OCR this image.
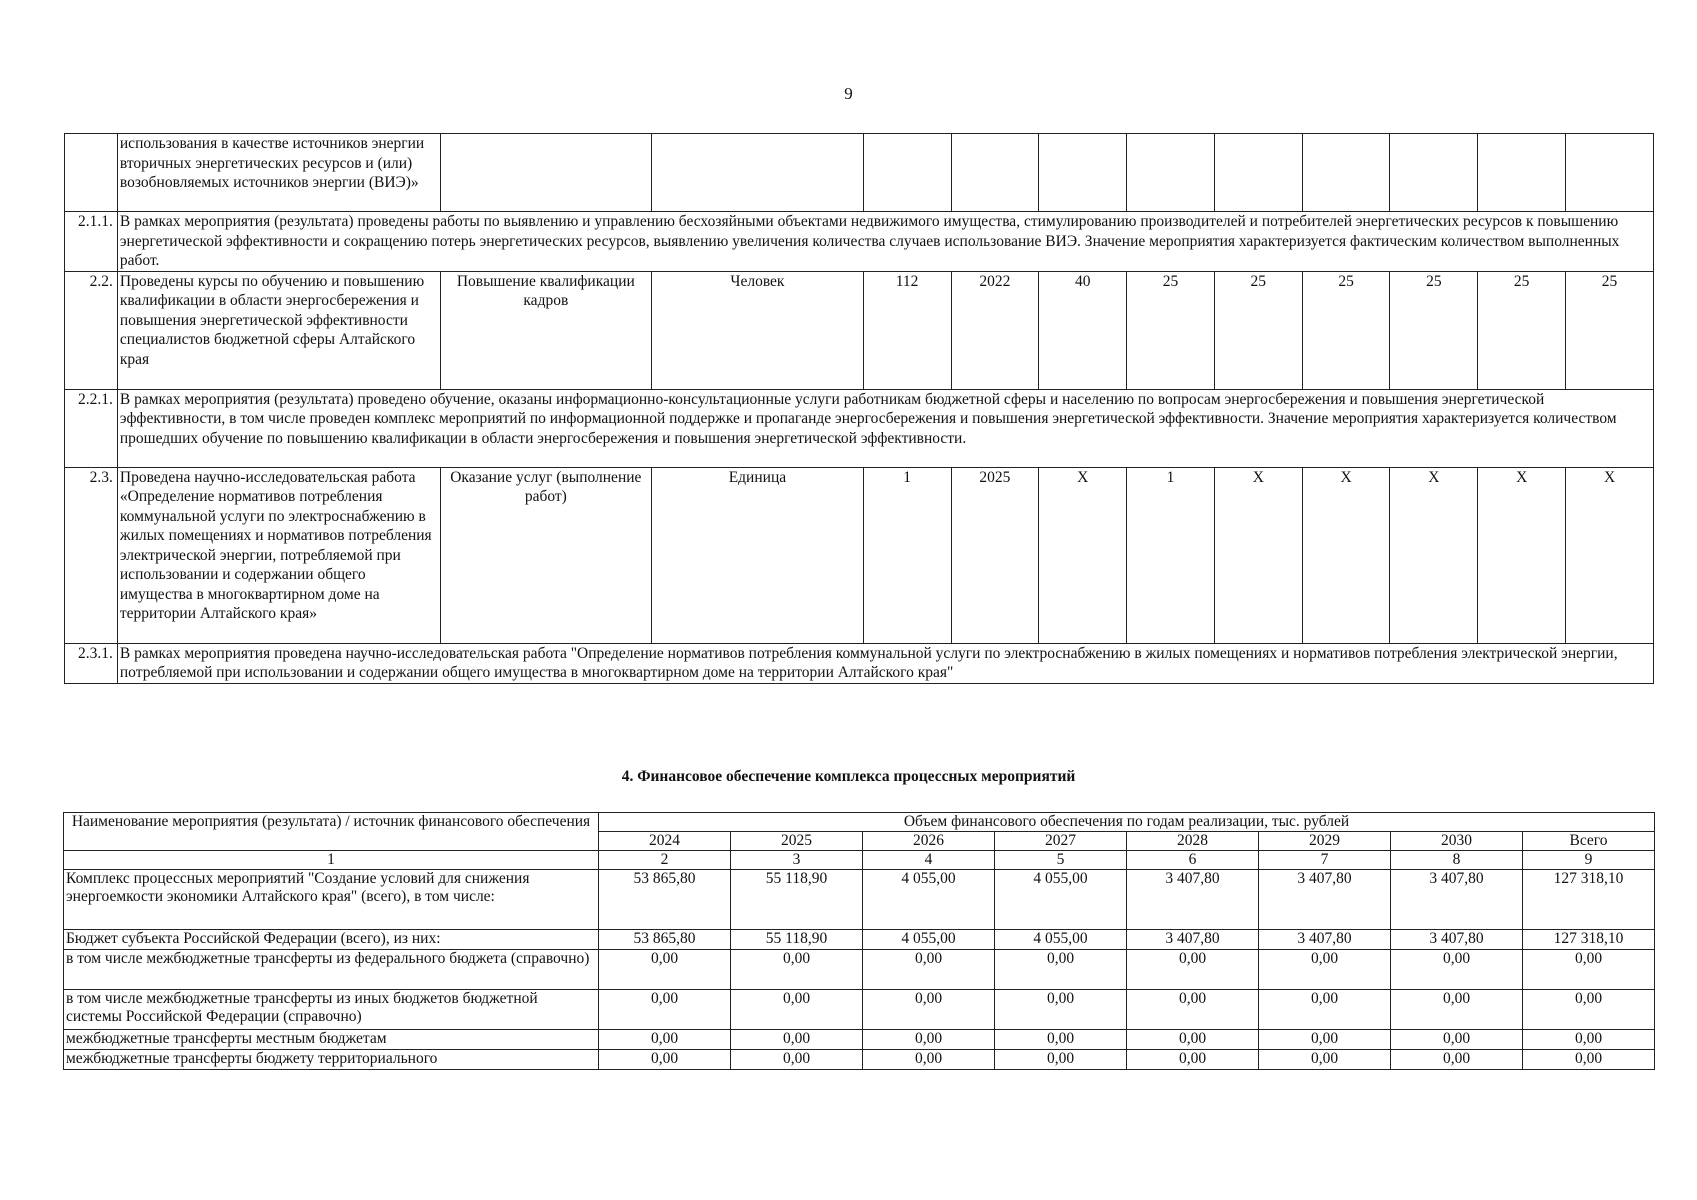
9
	использования в качестве источников энергии вторичных энергетических ресурсов и (или) возобновляемых источников энергии (ВИЭ)»											
2.1.1.	В рамках мероприятия (результата) проведены работы по выявлению и управлению бесхозяйными объектами недвижимого имущества, стимулированию производителей и потребителей энергетических ресурсов к повышению энергетической эффективности и сокращению потерь энергетических ресурсов, выявлению увеличения количества случаев использование ВИЭ. Значение мероприятия характеризуется фактическим количеством выполненных работ.											
2.2.	Проведены курсы по обучению и повышению квалификации в области энергосбережения и повышения энергетической эффективности специалистов бюджетной сферы Алтайского края	Повышение квалификации кадров	Человек	112	2022	40	25	25	25	25	25	25
2.2.1.	В рамках мероприятия (результата) проведено обучение, оказаны информационно-консультационные услуги работникам бюджетной сферы и населению по вопросам энергосбережения и повышения энергетической эффективности, в том числе проведен комплекс мероприятий по информационной поддержке и пропаганде энергосбережения и повышения энергетической эффективности. Значение мероприятия характеризуется количеством прошедших обучение по повышению квалификации в области энергосбережения и повышения энергетической эффективности.											
2.3.	Проведена научно-исследовательская работа «Определение нормативов потребления коммунальной услуги по электроснабжению в жилых помещениях и нормативов потребления электрической энергии, потребляемой при использовании и содержании общего имущества в многоквартирном доме на территории Алтайского края»	Оказание услуг (выполнение работ)	Единица	1	2025	X	1	X	X	X	X	X
2.3.1.	В рамках мероприятия проведена научно-исследовательская работа "Определение нормативов потребления коммунальной услуги по электроснабжению в жилых помещениях и нормативов потребления электрической энергии, потребляемой при использовании и содержании общего имущества в многоквартирном доме на территории Алтайского края"											
4. Финансовое обеспечение комплекса процессных мероприятий
Наименование мероприятия (результата) / источник финансового обеспечения	Объем финансового обеспечения по годам реализации, тыс. рублей							
	2024	2025	2026	2027	2028	2029	2030	Всего
1	2	3	4	5	6	7	8	9
Комплекс процессных мероприятий "Создание условий для снижения энергоемкости экономики Алтайского края" (всего), в том числе:	53 865,80	55 118,90	4 055,00	4 055,00	3 407,80	3 407,80	3 407,80	127 318,10
Бюджет субъекта Российской Федерации (всего), из них:	53 865,80	55 118,90	4 055,00	4 055,00	3 407,80	3 407,80	3 407,80	127 318,10
в том числе межбюджетные трансферты из федерального бюджета (справочно)	0,00	0,00	0,00	0,00	0,00	0,00	0,00	0,00
в том числе межбюджетные трансферты из иных бюджетов бюджетной системы Российской Федерации (справочно)	0,00	0,00	0,00	0,00	0,00	0,00	0,00	0,00
межбюджетные трансферты местным бюджетам	0,00	0,00	0,00	0,00	0,00	0,00	0,00	0,00
межбюджетные трансферты бюджету территориального	0,00	0,00	0,00	0,00	0,00	0,00	0,00	0,00
